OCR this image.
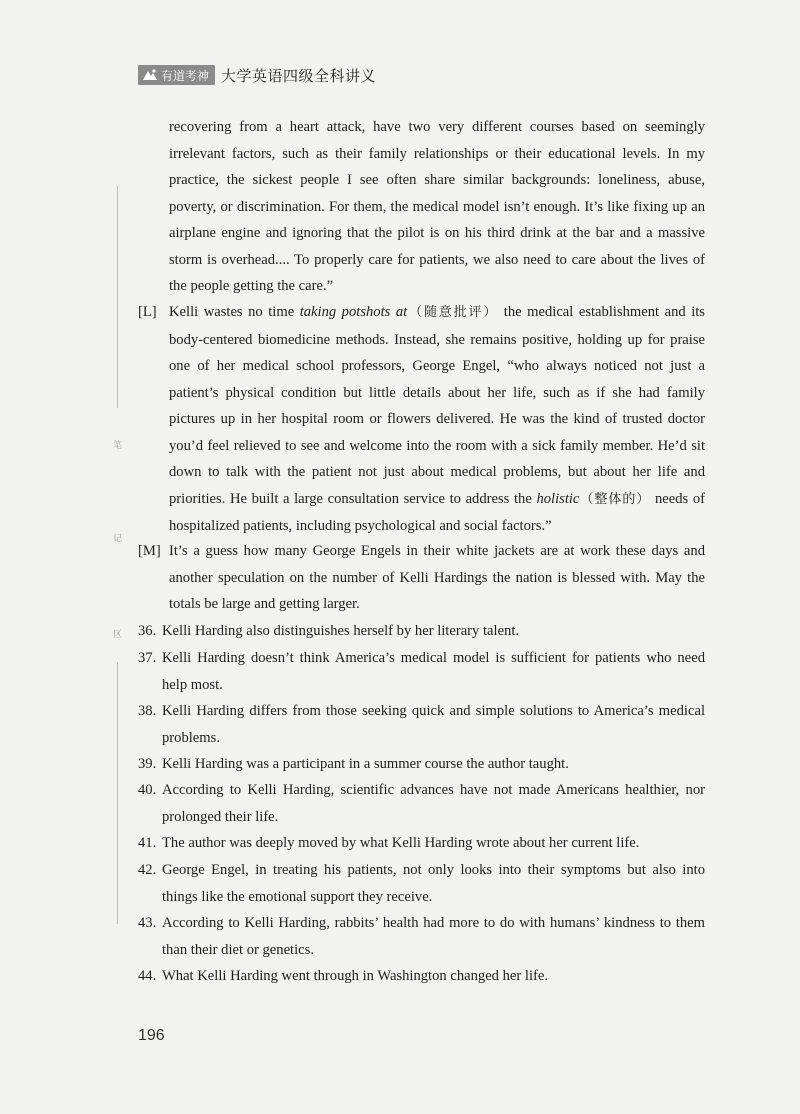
有道考神 大学英语四级全科讲义
笔
记
区
recovering from a heart attack, have two very different courses based on seemingly irrelevant factors, such as their family relationships or their educational levels. In my practice, the sickest people I see often share similar backgrounds: loneliness, abuse, poverty, or discrimination. For them, the medical model isn’t enough. It’s like fixing up an airplane engine and ignoring that the pilot is on his third drink at the bar and a massive storm is overhead.... To properly care for patients, we also need to care about the lives of the people getting the care.”
[L] Kelli wastes no time taking potshots at（随意批评） the medical establishment and its body-centered biomedicine methods. Instead, she remains positive, holding up for praise one of her medical school professors, George Engel, “who always noticed not just a patient’s physical condition but little details about her life, such as if she had family pictures up in her hospital room or flowers delivered. He was the kind of trusted doctor you’d feel relieved to see and welcome into the room with a sick family member. He’d sit down to talk with the patient not just about medical problems, but about her life and priorities. He built a large consultation service to address the holistic（整体的） needs of hospitalized patients, including psychological and social factors.”
[M] It’s a guess how many George Engels in their white jackets are at work these days and another speculation on the number of Kelli Hardings the nation is blessed with. May the totals be large and getting larger.
36. Kelli Harding also distinguishes herself by her literary talent.
37. Kelli Harding doesn’t think America’s medical model is sufficient for patients who need help most.
38. Kelli Harding differs from those seeking quick and simple solutions to America’s medical problems.
39. Kelli Harding was a participant in a summer course the author taught.
40. According to Kelli Harding, scientific advances have not made Americans healthier, nor prolonged their life.
41. The author was deeply moved by what Kelli Harding wrote about her current life.
42. George Engel, in treating his patients, not only looks into their symptoms but also into things like the emotional support they receive.
43. According to Kelli Harding, rabbits’ health had more to do with humans’ kindness to them than their diet or genetics.
44. What Kelli Harding went through in Washington changed her life.
196
